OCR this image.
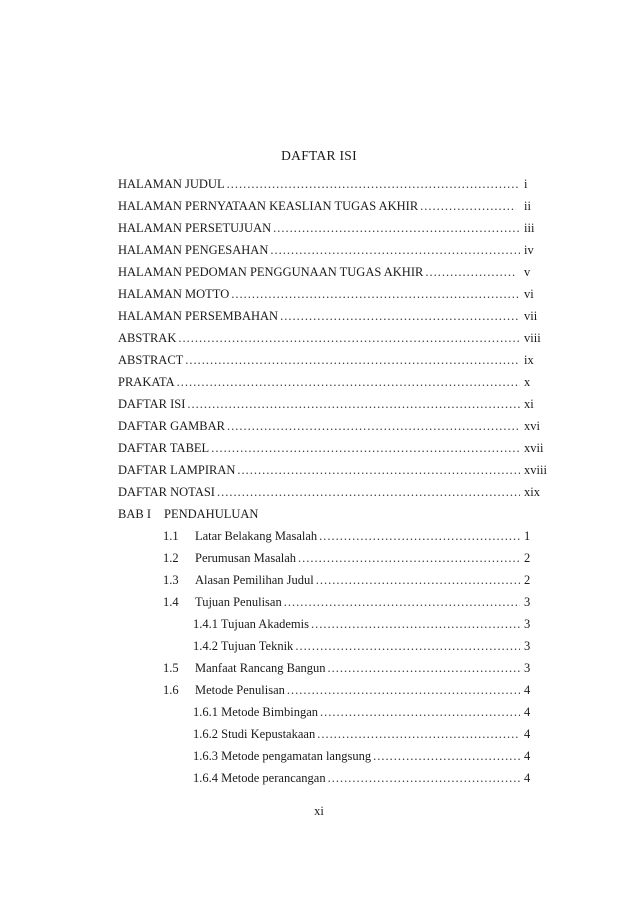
DAFTAR ISI
HALAMAN JUDUL .....	i
HALAMAN PERNYATAAN KEASLIAN TUGAS AKHIR .....	ii
HALAMAN PERSETUJUAN .....	iii
HALAMAN PENGESAHAN .....	iv
HALAMAN PEDOMAN PENGGUNAAN TUGAS AKHIR .....	v
HALAMAN MOTTO .....	vi
HALAMAN PERSEMBAHAN .....	vii
ABSTRAK .....	viii
ABSTRACT .....	ix
PRAKATA .....	x
DAFTAR ISI .....	xi
DAFTAR GAMBAR .....	xvi
DAFTAR TABEL .....	xvii
DAFTAR LAMPIRAN .....	xviii
DAFTAR NOTASI .....	xix
BAB I PENDAHULUAN
1.1	Latar Belakang Masalah .....	1
1.2	Perumusan Masalah .....	2
1.3	Alasan Pemilihan Judul .....	2
1.4	Tujuan Penulisan .....	3
1.4.1 Tujuan Akademis .....	3
1.4.2 Tujuan Teknik .....	3
1.5	Manfaat Rancang Bangun .....	3
1.6	Metode Penulisan .....	4
1.6.1 Metode Bimbingan .....	4
1.6.2 Studi Kepustakaan .....	4
1.6.3 Metode pengamatan langsung .....	4
1.6.4 Metode perancangan .....	4
xi
